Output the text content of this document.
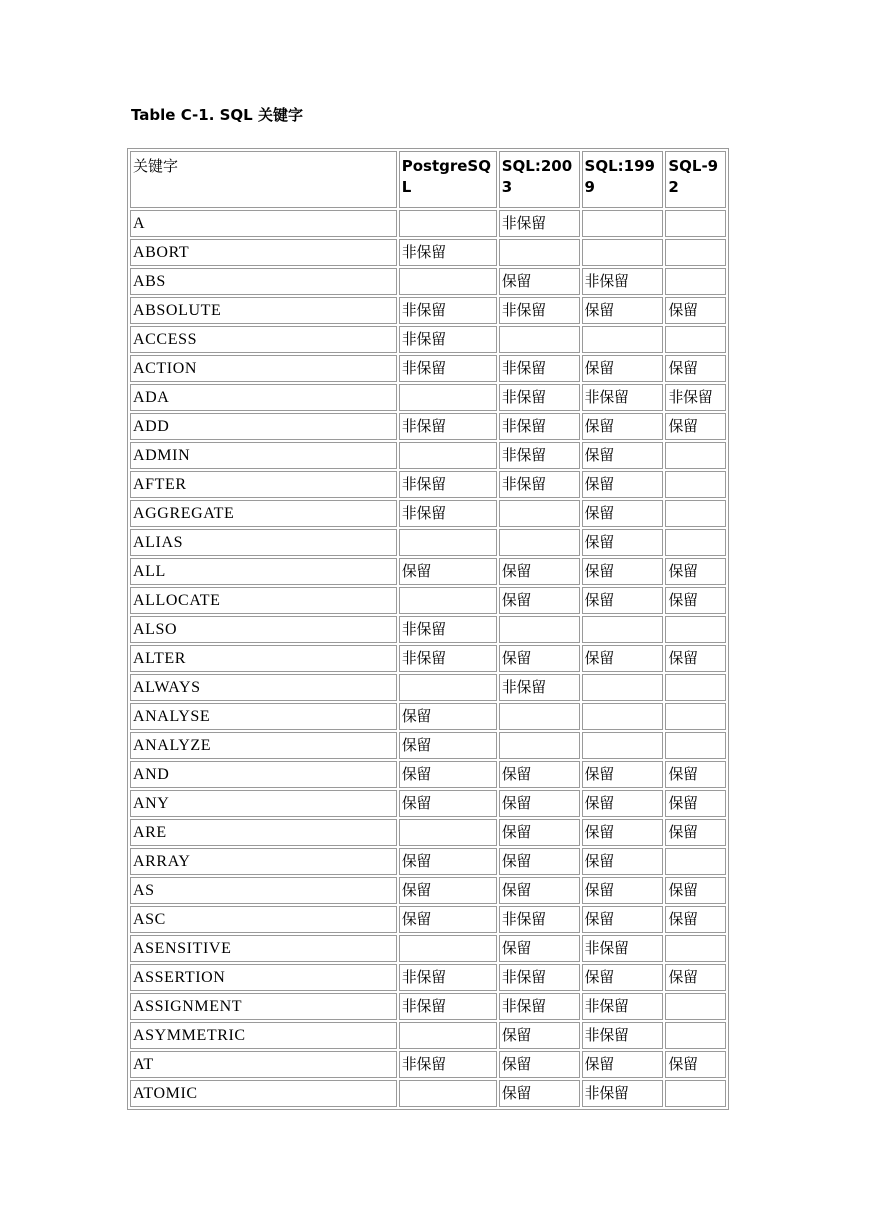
Table C-1. SQL 关键字
关键字	PostgreSQL	SQL:2003	SQL:1999	SQL-92
A		非保留		
ABORT	非保留			
ABS		保留	非保留	
ABSOLUTE	非保留	非保留	保留	保留
ACCESS	非保留			
ACTION	非保留	非保留	保留	保留
ADA		非保留	非保留	非保留
ADD	非保留	非保留	保留	保留
ADMIN		非保留	保留	
AFTER	非保留	非保留	保留	
AGGREGATE	非保留		保留	
ALIAS			保留	
ALL	保留	保留	保留	保留
ALLOCATE		保留	保留	保留
ALSO	非保留			
ALTER	非保留	保留	保留	保留
ALWAYS		非保留		
ANALYSE	保留			
ANALYZE	保留			
AND	保留	保留	保留	保留
ANY	保留	保留	保留	保留
ARE		保留	保留	保留
ARRAY	保留	保留	保留	
AS	保留	保留	保留	保留
ASC	保留	非保留	保留	保留
ASENSITIVE		保留	非保留	
ASSERTION	非保留	非保留	保留	保留
ASSIGNMENT	非保留	非保留	非保留	
ASYMMETRIC		保留	非保留	
AT	非保留	保留	保留	保留
ATOMIC		保留	非保留	
